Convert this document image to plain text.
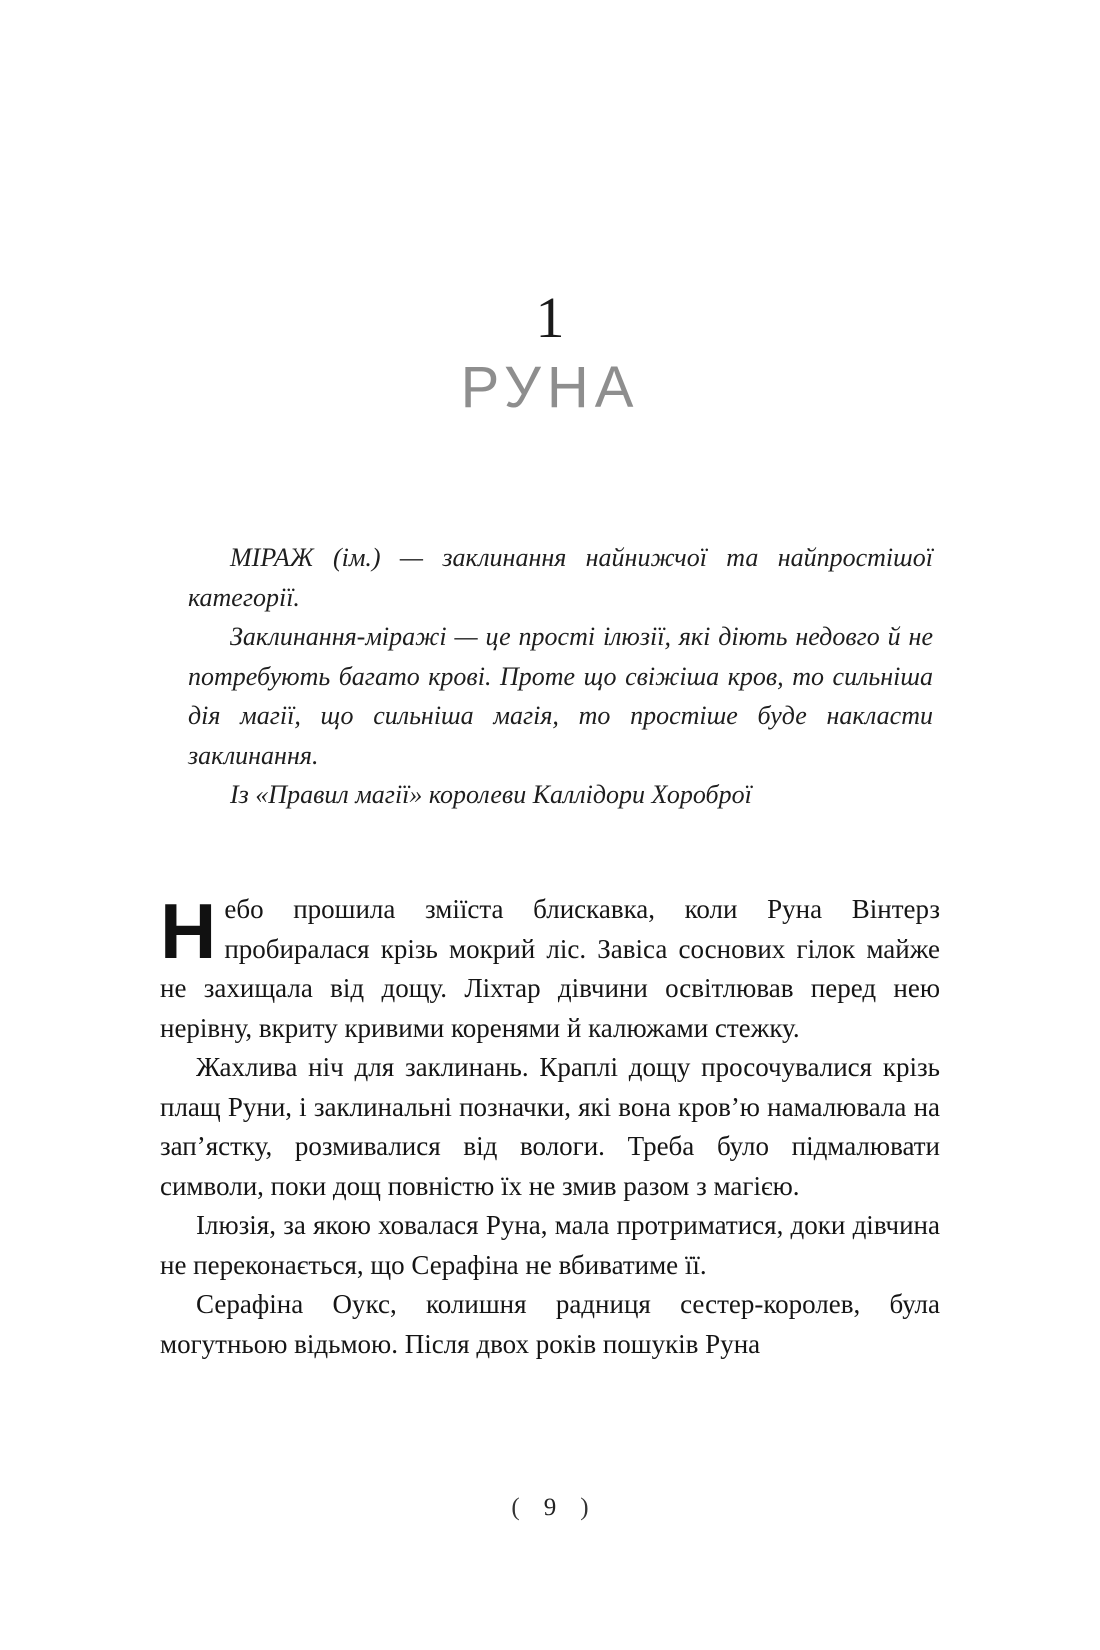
1
РУНА

МІРАЖ (ім.) — заклинання найнижчої та найпростішої категорії.

Заклинання-міражі — це прості ілюзії, які діють недовго й не потребують багато крові. Проте що свіжіша кров, то сильніша дія магії, що сильніша магія, то простіше буде накласти заклинання.

Із «Правил магії» королеви Каллідори Хороброї

Небо прошила зміїста блискавка, коли Руна Вінтерз пробиралася крізь мокрий ліс. Завіса соснових гілок майже не захищала від дощу. Ліхтар дівчини освітлював перед нею нерівну, вкриту кривими коренями й калюжами стежку.

Жахлива ніч для заклинань. Краплі дощу просочувалися крізь плащ Руни, і заклинальні позначки, які вона кров’ю намалювала на зап’ястку, розмивалися від вологи. Треба було підмалювати символи, поки дощ повністю їх не змив разом з магією.

Ілюзія, за якою ховалася Руна, мала протриматися, доки дівчина не переконається, що Серафіна не вбиватиме її.

Серафіна Оукс, колишня радниця сестер-королев, була могутньою відьмою. Після двох років пошуків Руна

( 9 )
